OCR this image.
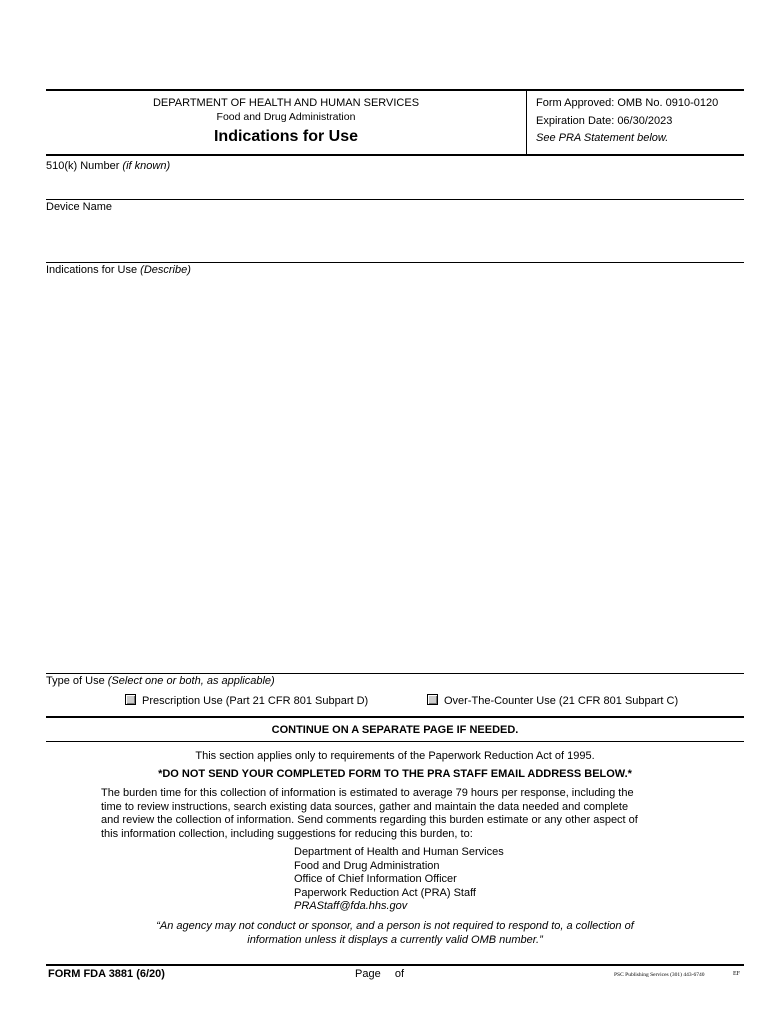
DEPARTMENT OF HEALTH AND HUMAN SERVICES
Food and Drug Administration
Indications for Use
Form Approved: OMB No. 0910-0120
Expiration Date: 06/30/2023
See PRA Statement below.
510(k) Number (if known)
Device Name
Indications for Use (Describe)
Type of Use (Select one or both, as applicable)
Prescription Use (Part 21 CFR 801 Subpart D)	Over-The-Counter Use (21 CFR 801 Subpart C)
CONTINUE ON A SEPARATE PAGE IF NEEDED.
This section applies only to requirements of the Paperwork Reduction Act of 1995.
*DO NOT SEND YOUR COMPLETED FORM TO THE PRA STAFF EMAIL ADDRESS BELOW.*
The burden time for this collection of information is estimated to average 79 hours per response, including the
time to review instructions, search existing data sources, gather and maintain the data needed and complete
and review the collection of information. Send comments regarding this burden estimate or any other aspect of
this information collection, including suggestions for reducing this burden, to:
Department of Health and Human Services
Food and Drug Administration
Office of Chief Information Officer
Paperwork Reduction Act (PRA) Staff
PRAStaff@fda.hhs.gov
“An agency may not conduct or sponsor, and a person is not required to respond to, a collection of
information unless it displays a currently valid OMB number.”
FORM FDA 3881 (6/20)	Page of	PSC Publishing Services (301) 443-6740	EF
